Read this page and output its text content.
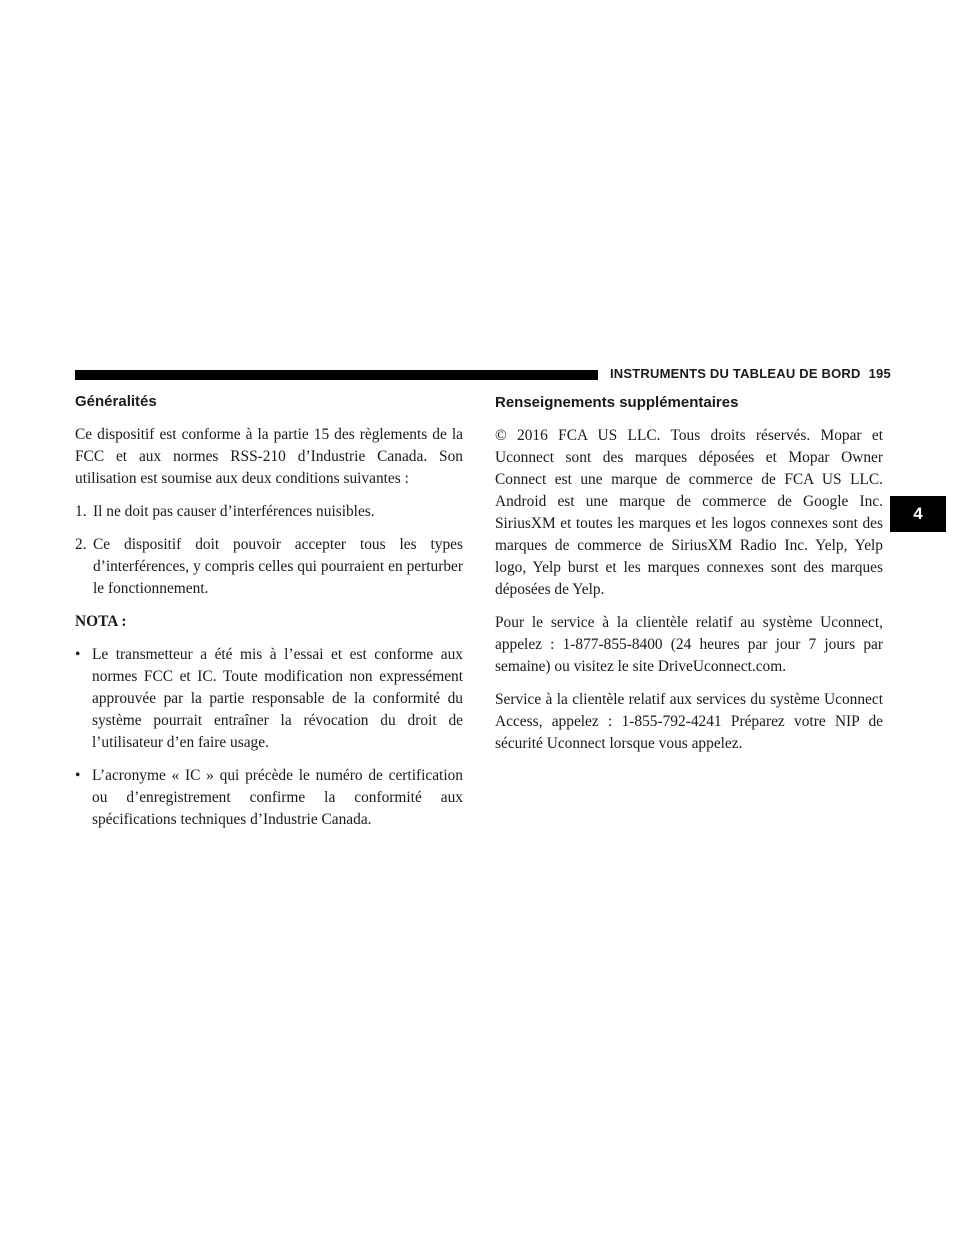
INSTRUMENTS DU TABLEAU DE BORD 195
4
Généralités

Ce dispositif est conforme à la partie 15 des règlements de la FCC et aux normes RSS-210 d’Industrie Canada. Son utilisation est soumise aux deux conditions suivantes :

1. Il ne doit pas causer d’interférences nuisibles.
2. Ce dispositif doit pouvoir accepter tous les types d’interférences, y compris celles qui pourraient en perturber le fonctionnement.
NOTA :
• Le transmetteur a été mis à l’essai et est conforme aux normes FCC et IC. Toute modification non expressément approuvée par la partie responsable de la conformité du système pourrait entraîner la révocation du droit de l’utilisateur d’en faire usage.
• L’acronyme « IC » qui précède le numéro de certification ou d’enregistrement confirme la conformité aux spécifications techniques d’Industrie Canada.
Renseignements supplémentaires

© 2016 FCA US LLC. Tous droits réservés. Mopar et Uconnect sont des marques déposées et Mopar Owner Connect est une marque de commerce de FCA US LLC. Android est une marque de commerce de Google Inc. SiriusXM et toutes les marques et les logos connexes sont des marques de commerce de SiriusXM Radio Inc. Yelp, Yelp logo, Yelp burst et les marques connexes sont des marques déposées de Yelp.

Pour le service à la clientèle relatif au système Uconnect, appelez : 1-877-855-8400 (24 heures par jour 7 jours par semaine) ou visitez le site DriveUconnect.com.

Service à la clientèle relatif aux services du système Uconnect Access, appelez : 1-855-792-4241 Préparez votre NIP de sécurité Uconnect lorsque vous appelez.
